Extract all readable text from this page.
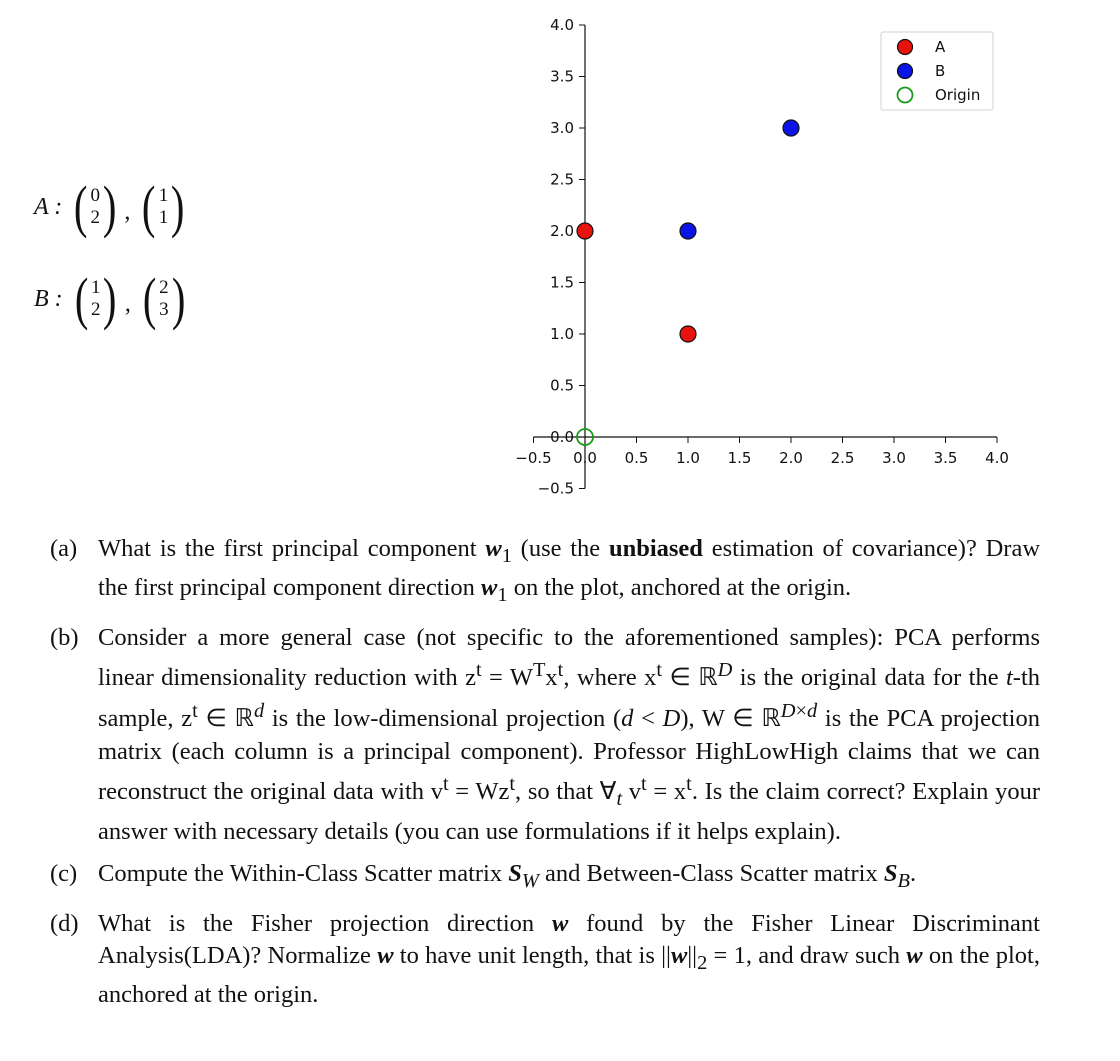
−0.5 0.0 0.5 1.0 1.5 2.0 2.5 3.0 3.5 4.0
−0.5
0.0
0.5
1.0
1.5
2.0
2.5
3.0
3.5
4.0
A
B
Origin
A : ( 0
2 ) , ( 1
1 )
B : ( 1
2 ) , ( 2
3 )
(a) What is the first principal component $w_1$ (use the unbiased estimation of covariance)? Draw the first principal component direction $w_1$ on the plot, anchored at the origin.
(b) Consider a more general case (not specific to the aforementioned samples): PCA performs linear dimensionality reduction with $z^t = W^Tx^t$, where $x^t$ ∈ ℝ$^D$ is the original data for the t-th sample, $z^t$ ∈ ℝ$^d$ is the low-dimensional projection (d < D), W ∈ ℝ$^{D\times d}$ is the PCA projection matrix (each column is a principal component). Professor HighLowHigh claims that we can reconstruct the original data with $v^t = Wz^t$, so that $\forall_t$ $v^t = x^t$. Is the claim correct? Explain your answer with necessary details (you can use formulations if it helps explain).
(c) Compute the Within-Class Scatter matrix $S_W$ and Between-Class Scatter matrix $S_B$.
(d) What is the Fisher projection direction w found by the Fisher Linear Discriminant Analysis(LDA)? Normalize w to have unit length, that is $||w||_2 = 1$, and draw such w on the plot, anchored at the origin.
